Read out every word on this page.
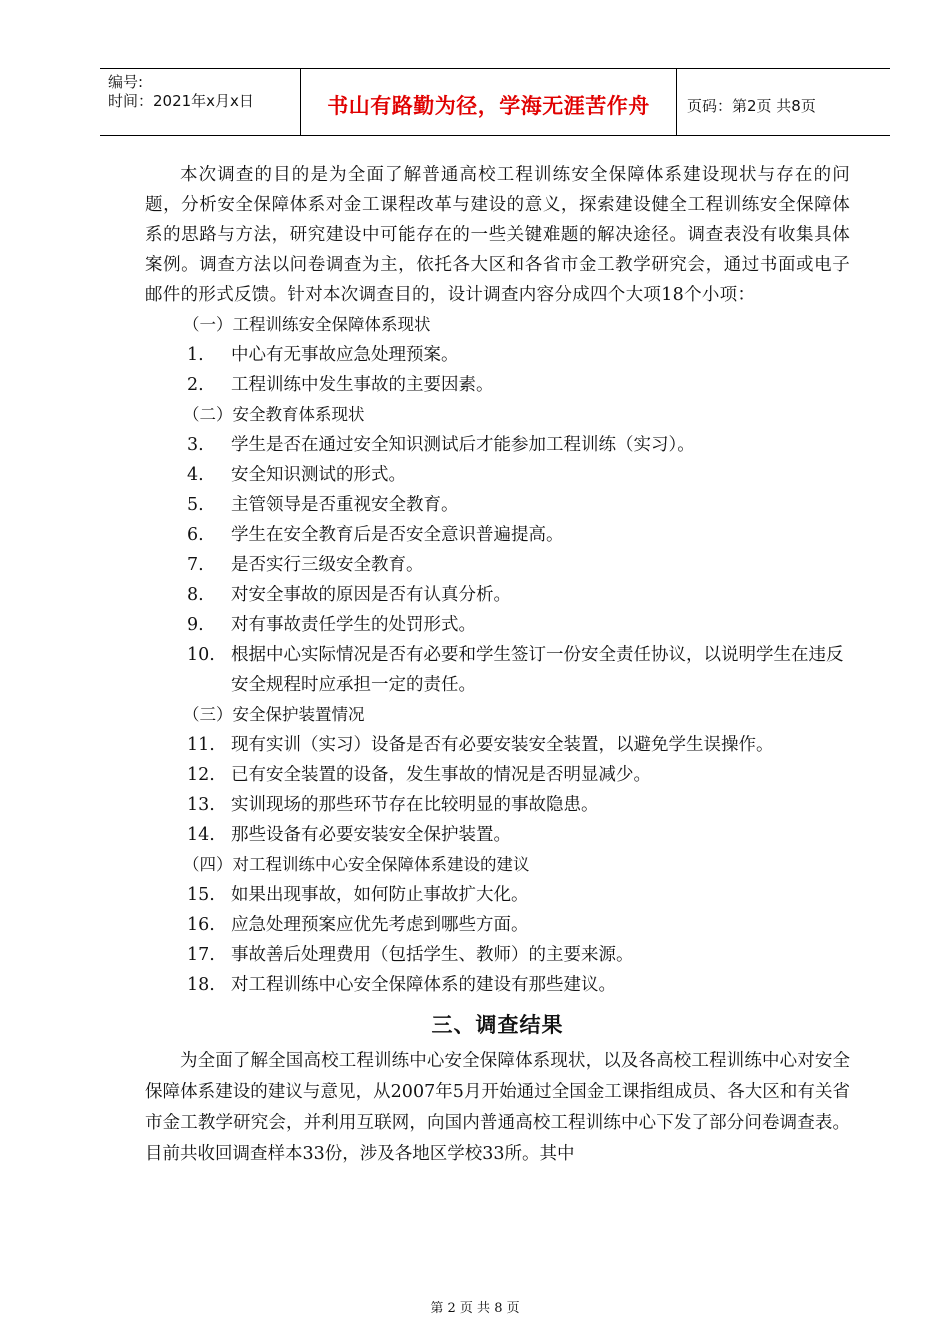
编号:
时间：2021年x月x日	书山有路勤为径，学海无涯苦作舟	页码：第2页 共8页
本次调查的目的是为全面了解普通高校工程训练安全保障体系建设现状与存在的问题，分析安全保障体系对金工课程改革与建设的意义，探索建设健全工程训练安全保障体系的思路与方法，研究建设中可能存在的一些关键难题的解决途径。调查表没有收集具体案例。调查方法以问卷调查为主，依托各大区和各省市金工教学研究会，通过书面或电子邮件的形式反馈。针对本次调查目的，设计调查内容分成四个大项18个小项：
（一）工程训练安全保障体系现状
1.	中心有无事故应急处理预案。
2.	工程训练中发生事故的主要因素。
（二）安全教育体系现状
3.	学生是否在通过安全知识测试后才能参加工程训练（实习）。
4.	安全知识测试的形式。
5.	主管领导是否重视安全教育。
6.	学生在安全教育后是否安全意识普遍提高。
7.	是否实行三级安全教育。
8.	对安全事故的原因是否有认真分析。
9.	对有事故责任学生的处罚形式。
10. 根据中心实际情况是否有必要和学生签订一份安全责任协议，以说明学生在违反安全规程时应承担一定的责任。
（三）安全保护装置情况
11. 现有实训（实习）设备是否有必要安装安全装置，以避免学生误操作。
12. 已有安全装置的设备，发生事故的情况是否明显减少。
13. 实训现场的那些环节存在比较明显的事故隐患。
14. 那些设备有必要安装安全保护装置。
（四）对工程训练中心安全保障体系建设的建议
15. 如果出现事故，如何防止事故扩大化。
16. 应急处理预案应优先考虑到哪些方面。
17. 事故善后处理费用（包括学生、教师）的主要来源。
18. 对工程训练中心安全保障体系的建设有那些建议。
三、调查结果
为全面了解全国高校工程训练中心安全保障体系现状，以及各高校工程训练中心对安全保障体系建设的建议与意见，从2007年5月开始通过全国金工课指组成员、各大区和有关省市金工教学研究会，并利用互联网，向国内普通高校工程训练中心下发了部分问卷调查表。目前共收回调查样本33份，涉及各地区学校33所。其中
第 2 页 共 8 页
